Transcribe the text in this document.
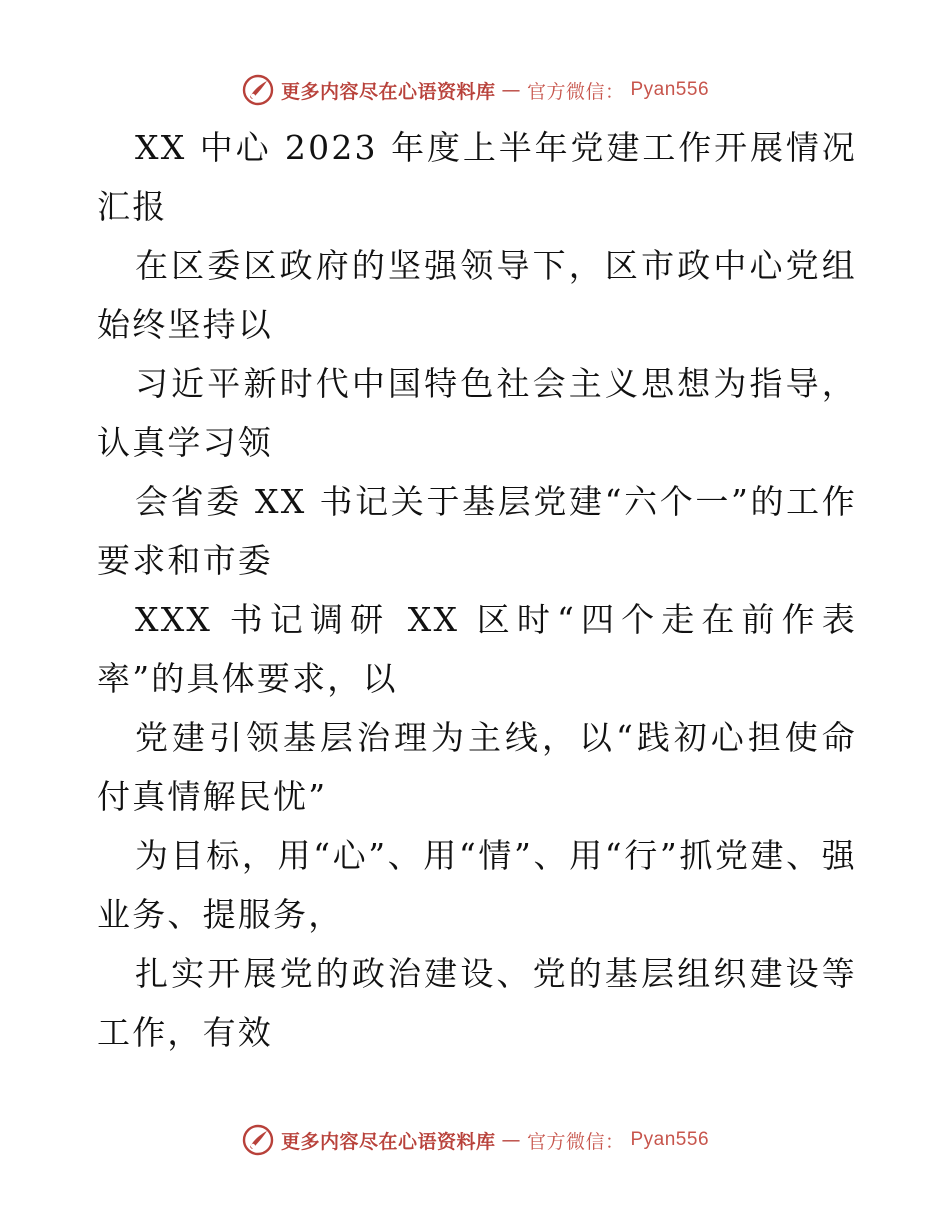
更多内容尽在心语资料库 — 官方微信： Pyan556

XX 中心 2023 年度上半年党建工作开展情况汇报

在区委区政府的坚强领导下，区市政中心党组始终坚持以

习近平新时代中国特色社会主义思想为指导，认真学习领

会省委 XX 书记关于基层党建“六个一”的工作要求和市委

XXX 书记调研 XX 区时“四个走在前作表率”的具体要求，以

党建引领基层治理为主线，以“践初心担使命付真情解民忧”

为目标，用“心”、用“情”、用“行”抓党建、强业务、提服务，

扎实开展党的政治建设、党的基层组织建设等工作，有效

更多内容尽在心语资料库 — 官方微信： Pyan556
